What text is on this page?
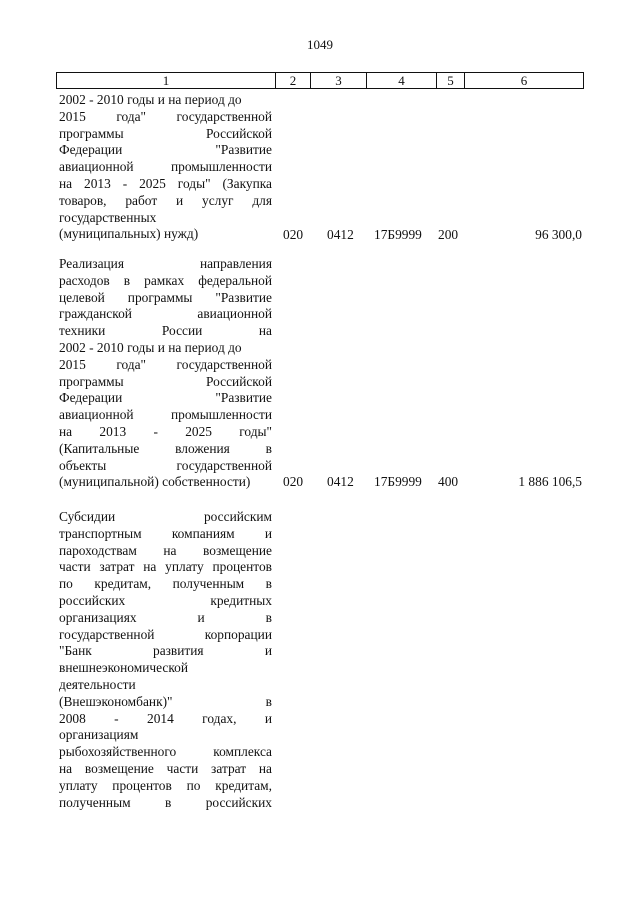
1049
1	2	3	4	5	6
2002 - 2010 годы и на период до
2015 года" государственной
программы Российской
Федерации "Развитие
авиационной промышленности
на 2013 - 2025 годы" (Закупка
товаров, работ и услуг для
государственных
(муниципальных) нужд)	020 0412 17Б9999 200	96 300,0
Реализация направления
расходов в рамках федеральной
целевой программы "Развитие
гражданской авиационной
техники России на
2002 - 2010 годы и на период до
2015 года" государственной
программы Российской
Федерации "Развитие
авиационной промышленности
на 2013 - 2025 годы"
(Капитальные вложения в
объекты государственной
(муниципальной) собственности)	020 0412 17Б9999 400	1 886 106,5
Субсидии российским
транспортным компаниям и
пароходствам на возмещение
части затрат на уплату процентов
по кредитам, полученным в
российских кредитных
организациях и в
государственной корпорации
"Банк развития и
внешнеэкономической
деятельности
(Внешэкономбанк)" в
2008 - 2014 годах, и
организациям
рыбохозяйственного комплекса
на возмещение части затрат на
уплату процентов по кредитам,
полученным в российских
